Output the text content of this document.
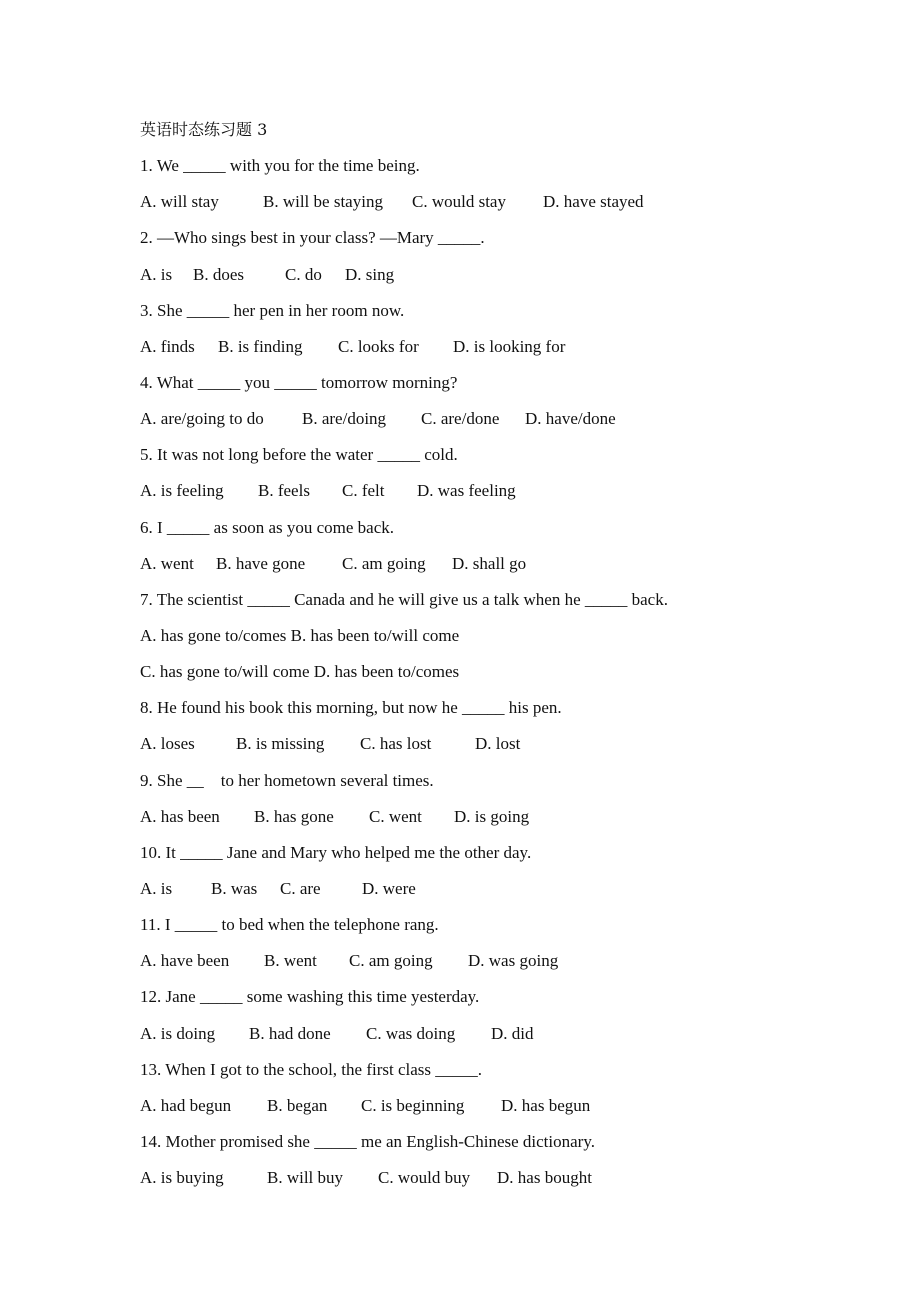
英语时态练习题 3
1. We _____ with you for the time being.
A. will stay	B. will be staying C. would stay D. have stayed
2. —Who sings best in your class? —Mary _____.
A. is B. does C. do D. sing
3. She _____ her pen in her room now.
A. finds B. is finding C. looks for D. is looking for
4. What _____ you _____ tomorrow morning?
A. are/going to do B. are/doing C. are/done D. have/done
5. It was not long before the water _____ cold.
A. is feeling B. feels C. felt D. was feeling
6. I _____ as soon as you come back.
A. went B. have gone C. am going D. shall go
7. The scientist _____ Canada and he will give us a talk when he _____ back.
A. has gone to/comes B. has been to/will come
C. has gone to/will come D. has been to/comes
8. He found his book this morning, but now he _____ his pen.
A. loses B. is missing C. has lost	D. lost
9. She __    to her hometown several times.
A. has been B. has gone C. went D. is going
10. It _____ Jane and Mary who helped me the other day.
A. is B. was C. are D. were
11. I _____ to bed when the telephone rang.
A. have been B. went C. am going D. was going
12. Jane _____ some washing this time yesterday.
A. is doing B. had done C. was doing D. did
13. When I got to the school, the first class _____.
A. had begun B. began C. is beginning D. has begun
14. Mother promised she _____ me an English-Chinese dictionary.
A. is buying	B. will buy C. would buy D. has bought
